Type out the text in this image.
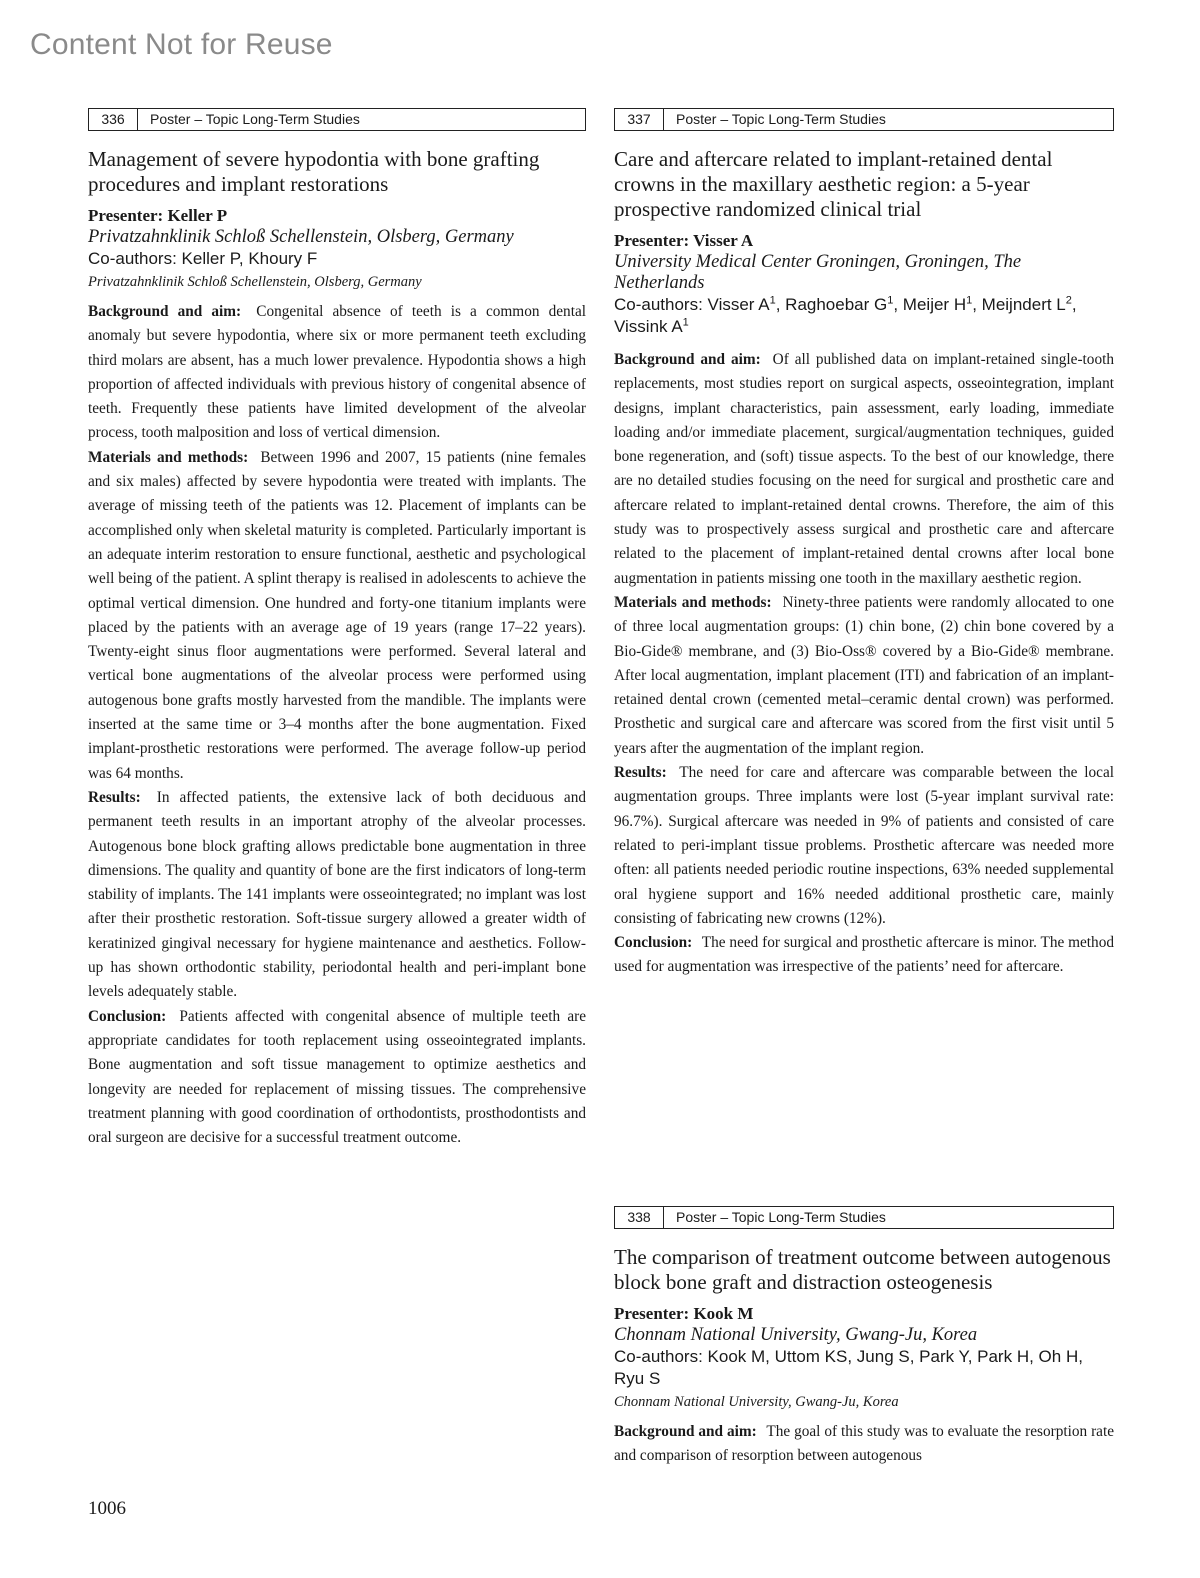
Content Not for Reuse
336	Poster – Topic Long-Term Studies
Management of severe hypodontia with bone grafting procedures and implant restorations
Presenter: Keller P
Privatzahnklinik Schloß Schellenstein, Olsberg, Germany
Co-authors: Keller P, Khoury F
Privatzahnklinik Schloß Schellenstein, Olsberg, Germany

Background and aim: Congenital absence of teeth is a common dental anomaly but severe hypodontia, where six or more permanent teeth excluding third molars are absent, has a much lower prevalence. Hypodontia shows a high proportion of affected individuals with previous history of congenital absence of teeth. Frequently these patients have limited development of the alveolar process, tooth malposition and loss of vertical dimension.

Materials and methods: Between 1996 and 2007, 15 patients (nine females and six males) affected by severe hypodontia were treated with implants. The average of missing teeth of the patients was 12. Placement of implants can be accomplished only when skeletal maturity is completed. Particularly important is an adequate interim restoration to ensure functional, aesthetic and psychological well being of the patient. A splint therapy is realised in adolescents to achieve the optimal vertical dimension. One hundred and forty-one titanium implants were placed by the patients with an average age of 19 years (range 17–22 years). Twenty-eight sinus floor augmentations were performed. Several lateral and vertical bone augmentations of the alveolar process were performed using autogenous bone grafts mostly harvested from the mandible. The implants were inserted at the same time or 3–4 months after the bone augmentation. Fixed implant-prosthetic restorations were performed. The average follow-up period was 64 months.

Results: In affected patients, the extensive lack of both deciduous and permanent teeth results in an important atrophy of the alveolar processes. Autogenous bone block grafting allows predictable bone augmentation in three dimensions. The quality and quantity of bone are the first indicators of long-term stability of implants. The 141 implants were osseointegrated; no implant was lost after their prosthetic restoration. Soft-tissue surgery allowed a greater width of keratinized gingival necessary for hygiene maintenance and aesthetics. Follow-up has shown orthodontic stability, periodontal health and peri-implant bone levels adequately stable.

Conclusion: Patients affected with congenital absence of multiple teeth are appropriate candidates for tooth replacement using osseointegrated implants. Bone augmentation and soft tissue management to optimize aesthetics and longevity are needed for replacement of missing tissues. The comprehensive treatment planning with good coordination of orthodontists, prosthodontists and oral surgeon are decisive for a successful treatment outcome.

337	Poster – Topic Long-Term Studies
Care and aftercare related to implant-retained dental crowns in the maxillary aesthetic region: a 5-year prospective randomized clinical trial
Presenter: Visser A
University Medical Center Groningen, Groningen, The Netherlands
Co-authors: Visser $A^1$, Raghoebar $G^1$, Meijer $H^1$, Meijndert $L^2$, Vissink $A^1$

Background and aim: Of all published data on implant-retained single-tooth replacements, most studies report on surgical aspects, osseointegration, implant designs, implant characteristics, pain assessment, early loading, immediate loading and/or immediate placement, surgical/augmentation techniques, guided bone regeneration, and (soft) tissue aspects. To the best of our knowledge, there are no detailed studies focusing on the need for surgical and prosthetic care and aftercare related to implant-retained dental crowns. Therefore, the aim of this study was to prospectively assess surgical and prosthetic care and aftercare related to the placement of implant-retained dental crowns after local bone augmentation in patients missing one tooth in the maxillary aesthetic region.

Materials and methods: Ninety-three patients were randomly allocated to one of three local augmentation groups: (1) chin bone, (2) chin bone covered by a Bio-Gide® membrane, and (3) Bio-Oss® covered by a Bio-Gide® membrane. After local augmentation, implant placement (ITI) and fabrication of an implant-retained dental crown (cemented metal–ceramic dental crown) was performed. Prosthetic and surgical care and aftercare was scored from the first visit until 5 years after the augmentation of the implant region.

Results: The need for care and aftercare was comparable between the local augmentation groups. Three implants were lost (5-year implant survival rate: 96.7%). Surgical aftercare was needed in 9% of patients and consisted of care related to peri-implant tissue problems. Prosthetic aftercare was needed more often: all patients needed periodic routine inspections, 63% needed supplemental oral hygiene support and 16% needed additional prosthetic care, mainly consisting of fabricating new crowns (12%).

Conclusion: The need for surgical and prosthetic aftercare is minor. The method used for augmentation was irrespective of the patients’ need for aftercare.

338	Poster – Topic Long-Term Studies
The comparison of treatment outcome between autogenous block bone graft and distraction osteogenesis
Presenter: Kook M
Chonnam National University, Gwang-Ju, Korea
Co-authors: Kook M, Uttom KS, Jung S, Park Y, Park H, Oh H, Ryu S
Chonnam National University, Gwang-Ju, Korea

Background and aim: The goal of this study was to evaluate the resorption rate and comparison of resorption between autogenous

1006
